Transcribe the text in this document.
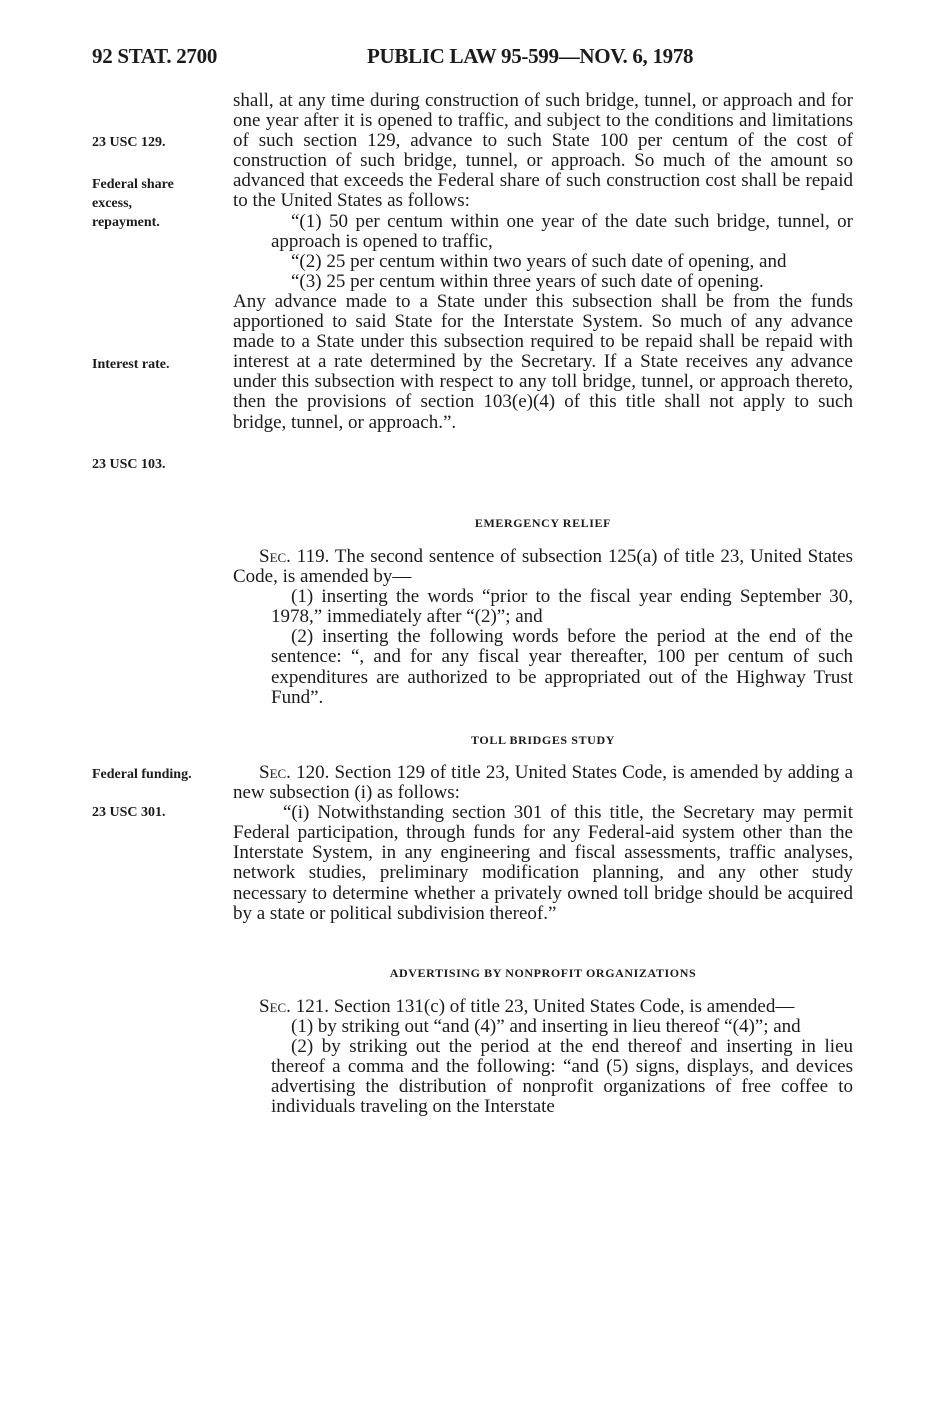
92 STAT. 2700	PUBLIC LAW 95-599—NOV. 6, 1978
23 USC 129.
Federal share
excess,
repayment.
Interest rate.
23 USC 103.
Federal funding.
23 USC 301.

shall, at any time during construction of such bridge, tunnel, or approach and for one year after it is opened to traffic, and subject to the conditions and limitations of such section 129, advance to such State 100 per centum of the cost of construction of such bridge, tunnel, or approach. So much of the amount so advanced that exceeds the Federal share of such construction cost shall be repaid to the United States as follows:

“(1) 50 per centum within one year of the date such bridge, tunnel, or approach is opened to traffic,

“(2) 25 per centum within two years of such date of opening, and

“(3) 25 per centum within three years of such date of opening.

Any advance made to a State under this subsection shall be from the funds apportioned to said State for the Interstate System. So much of any advance made to a State under this subsection required to be repaid shall be repaid with interest at a rate determined by the Secretary. If a State receives any advance under this subsection with respect to any toll bridge, tunnel, or approach thereto, then the provisions of section 103(e)(4) of this title shall not apply to such bridge, tunnel, or approach.”.

EMERGENCY RELIEF

Sec. 119. The second sentence of subsection 125(a) of title 23, United States Code, is amended by—

(1) inserting the words “prior to the fiscal year ending September 30, 1978,” immediately after “(2)”; and

(2) inserting the following words before the period at the end of the sentence: “, and for any fiscal year thereafter, 100 per centum of such expenditures are authorized to be appropriated out of the Highway Trust Fund”.

TOLL BRIDGES STUDY

Sec. 120. Section 129 of title 23, United States Code, is amended by adding a new subsection (i) as follows:

“(i) Notwithstanding section 301 of this title, the Secretary may permit Federal participation, through funds for any Federal-aid system other than the Interstate System, in any engineering and fiscal assessments, traffic analyses, network studies, preliminary modification planning, and any other study necessary to determine whether a privately owned toll bridge should be acquired by a state or political subdivision thereof.”

ADVERTISING BY NONPROFIT ORGANIZATIONS

Sec. 121. Section 131(c) of title 23, United States Code, is amended—

(1) by striking out “and (4)” and inserting in lieu thereof “(4)”; and

(2) by striking out the period at the end thereof and inserting in lieu thereof a comma and the following: “and (5) signs, displays, and devices advertising the distribution of nonprofit organizations of free coffee to individuals traveling on the Interstate
